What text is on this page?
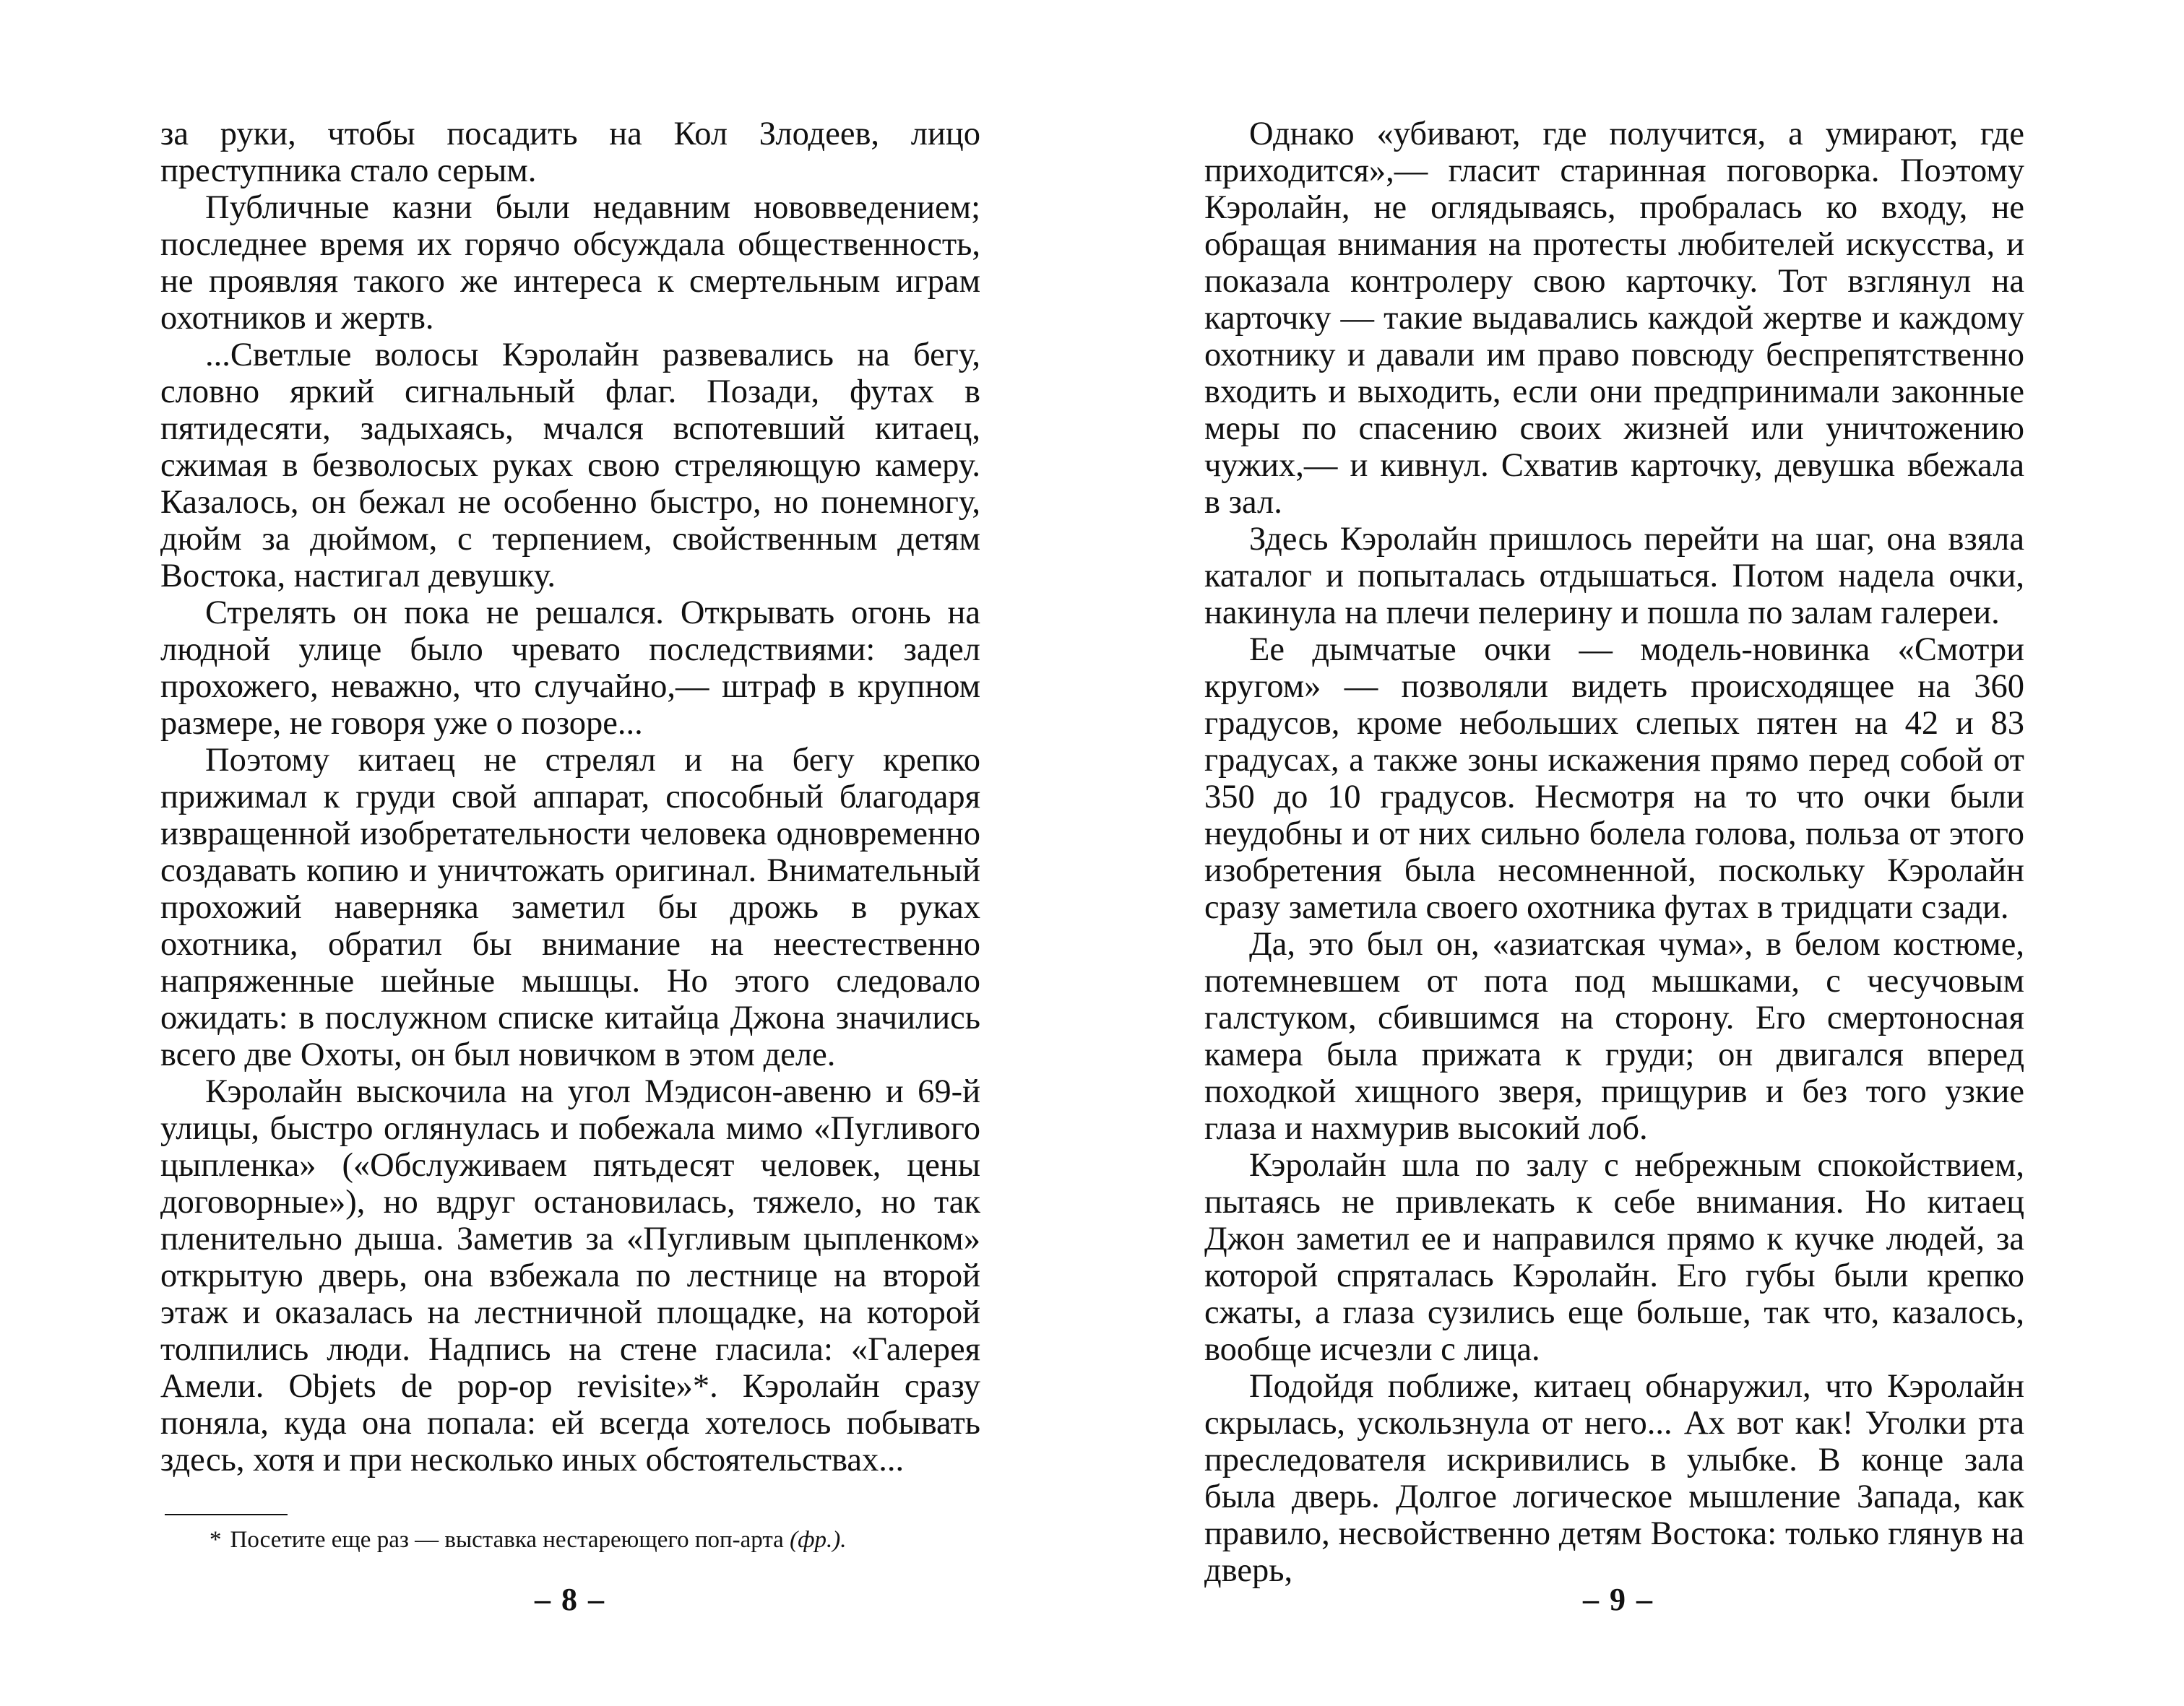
за руки, чтобы посадить на Кол Злодеев, лицо преступника стало серым.

Публичные казни были недавним нововведением; последнее время их горячо обсуждала общественность, не проявляя такого же интереса к смертельным играм охотников и жертв.

...Светлые волосы Кэролайн развевались на бегу, словно яркий сигнальный флаг. Позади, футах в пятидесяти, задыхаясь, мчался вспотевший китаец, сжимая в безволосых руках свою стреляющую камеру. Казалось, он бежал не особенно быстро, но понемногу, дюйм за дюймом, с терпением, свойственным детям Востока, настигал девушку.

Стрелять он пока не решался. Открывать огонь на людной улице было чревато последствиями: задел прохожего, неважно, что случайно,— штраф в крупном размере, не говоря уже о позоре...

Поэтому китаец не стрелял и на бегу крепко прижимал к груди свой аппарат, способный благодаря извращенной изобретательности человека одновременно создавать копию и уничтожать оригинал. Внимательный прохожий наверняка заметил бы дрожь в руках охотника, обратил бы внимание на неестественно напряженные шейные мышцы. Но этого следовало ожидать: в послужном списке китайца Джона значились всего две Охоты, он был новичком в этом деле.

Кэролайн выскочила на угол Мэдисон-авеню и 69-й улицы, быстро оглянулась и побежала мимо «Пугливого цыпленка» («Обслуживаем пятьдесят человек, цены договорные»), но вдруг остановилась, тяжело, но так пленительно дыша. Заметив за «Пугливым цыпленком» открытую дверь, она взбежала по лестнице на второй этаж и оказалась на лестничной площадке, на которой толпились люди. Надпись на стене гласила: «Галерея Амели. Objets de pop-op revisite»*. Кэролайн сразу поняла, куда она попала: ей всегда хотелось побывать здесь, хотя и при несколько иных обстоятельствах...

* Посетите еще раз — выставка нестареющего поп-арта (фр.).
– 8 –

Однако «убивают, где получится, а умирают, где приходится»,— гласит старинная поговорка. Поэтому Кэролайн, не оглядываясь, пробралась ко входу, не обращая внимания на протесты любителей искусства, и показала контролеру свою карточку. Тот взглянул на карточку — такие выдавались каждой жертве и каждому охотнику и давали им право повсюду беспрепятственно входить и выходить, если они предпринимали законные меры по спасению своих жизней или уничтожению чужих,— и кивнул. Схватив карточку, девушка вбежала в зал.

Здесь Кэролайн пришлось перейти на шаг, она взяла каталог и попыталась отдышаться. Потом надела очки, накинула на плечи пелерину и пошла по залам галереи.

Ее дымчатые очки — модель-новинка «Смотри кругом» — позволяли видеть происходящее на 360 градусов, кроме небольших слепых пятен на 42 и 83 градусах, а также зоны искажения прямо перед собой от 350 до 10 градусов. Несмотря на то что очки были неудобны и от них сильно болела голова, польза от этого изобретения была несомненной, поскольку Кэролайн сразу заметила своего охотника футах в тридцати сзади.

Да, это был он, «азиатская чума», в белом костюме, потемневшем от пота под мышками, с чесучовым галстуком, сбившимся на сторону. Его смертоносная камера была прижата к груди; он двигался вперед походкой хищного зверя, прищурив и без того узкие глаза и нахмурив высокий лоб.

Кэролайн шла по залу с небрежным спокойствием, пытаясь не привлекать к себе внимания. Но китаец Джон заметил ее и направился прямо к кучке людей, за которой спряталась Кэролайн. Его губы были крепко сжаты, а глаза сузились еще больше, так что, казалось, вообще исчезли с лица.

Подойдя поближе, китаец обнаружил, что Кэролайн скрылась, ускользнула от него... Ах вот как! Уголки рта преследователя искривились в улыбке. В конце зала была дверь. Долгое логическое мышление Запада, как правило, несвойственно детям Востока: только глянув на дверь,

– 9 –
